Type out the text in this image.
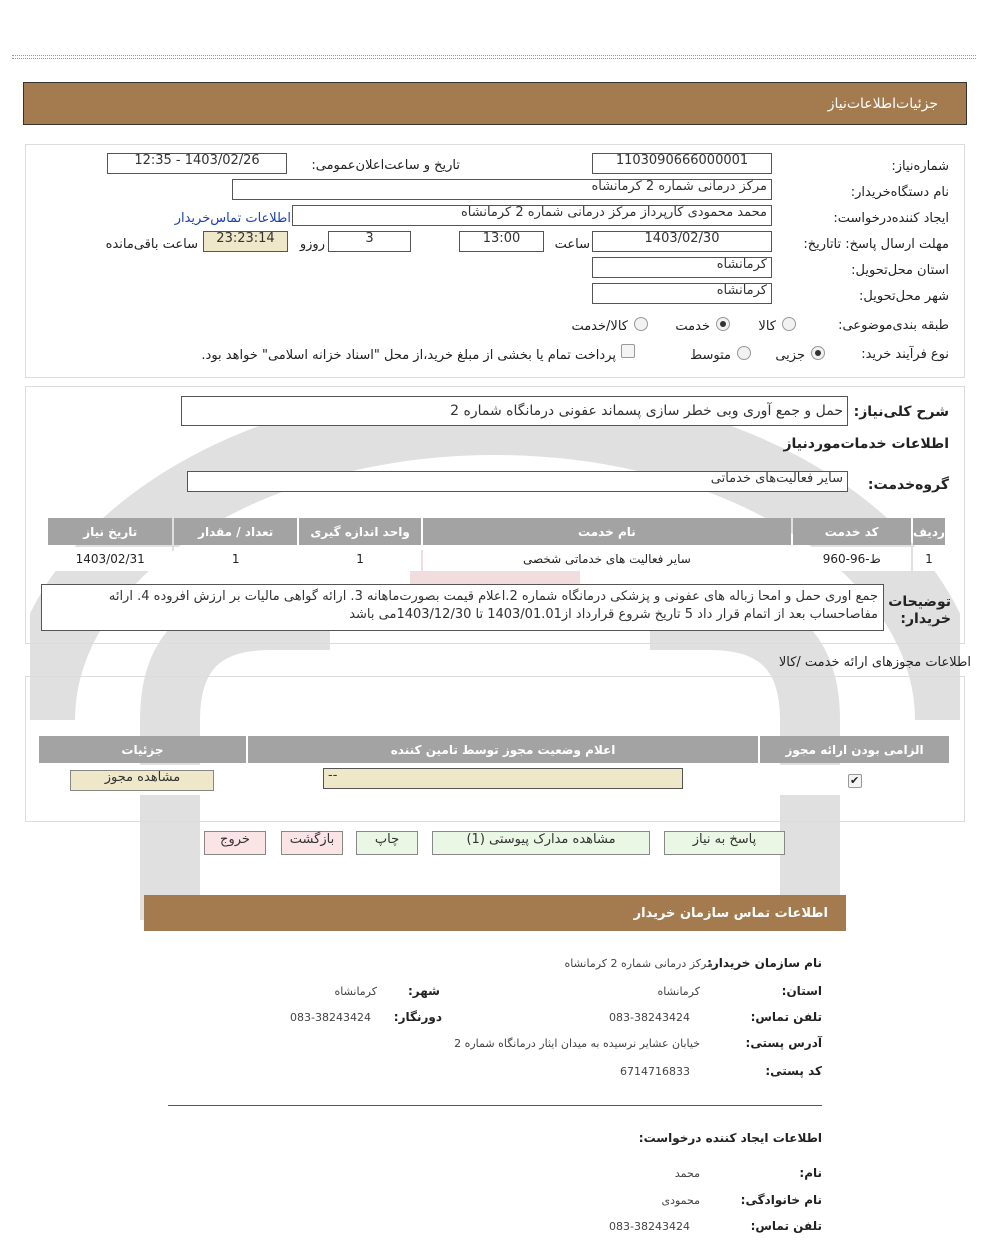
جزئیات‌اطلاعات‌نیاز
شماره‌نیاز:
1103090666000001
تاریخ و ساعت‌اعلان‌عمومی:
1403/02/26 - 12:35
نام دستگاه‌خریدار:
مرکز درمانی شماره 2 کرمانشاه
ایجاد کننده‌درخواست:
محمد محمودی کارپرداز مرکز درمانی شماره 2 کرمانشاه
اطلاعات تماس‌خریدار
مهلت ارسال پاسخ: تاتاریخ:
1403/02/30
ساعت
13:00
3
روزو
23:23:14
ساعت باقی‌مانده
استان محل‌تحویل:
کرمانشاه
شهر محل‌تحویل:
کرمانشاه
طبقه بندی‌موضوعی:
کالا
خدمت
کالا/خدمت
نوع فرآیند خرید:
جزیی
متوسط
پرداخت تمام یا بخشی از مبلغ خرید،از محل "اسناد خزانه اسلامی" خواهد بود.
شرح کلی‌نیاز:
حمل و جمع آوری وبی خطر سازی پسماند عفونی درمانگاه شماره 2
اطلاعات خدمات‌مورد‌نیاز
گروه‌خدمت:
سایر فعالیت‌های خدماتی
ردیف	کد خدمت	نام خدمت	واحد اندازه گیری	تعداد / مقدار	تاریخ نیاز
1	ط-96-960	سایر فعالیت های خدماتی شخصی	1	1	1403/02/31
توضیحات خریدار:
جمع اوری حمل و امحا زباله های عفونی و پزشکی درمانگاه شماره 2.اعلام قیمت بصورت‌ماهانه 3. ارائه گواهی مالیات بر ارزش افروده 4. ارائه مفاصاحساب بعد از اتمام قرار داد 5 تاریخ شروع قرارداد از1403/01.01 تا 1403/12/30می باشد
اطلاعات مجوزهای ارائه خدمت /کالا
الزامی بودن ارائه مجوز	اعلام وضعیت مجوز توسط تامین کننده	جزئیات
✔	--	مشاهده مجوز
پاسخ به نیاز
مشاهده مدارک پیوستی (1)
چاپ
بازگشت
خروج
اطلاعات تماس سازمان خریدار
نام سازمان خریدار:
مرکز درمانی شماره 2 کرمانشاه
استان:
کرمانشاه
شهر:
کرمانشاه
تلفن تماس:
083-38243424
دورنگار:
083-38243424
آدرس پستی:
خیابان عشایر نرسیده به میدان ایثار درمانگاه شماره 2
کد پستی:
6714716833
اطلاعات ایجاد کننده درخواست:
نام:
محمد
نام خانوادگی:
محمودی
تلفن تماس:
083-38243424
